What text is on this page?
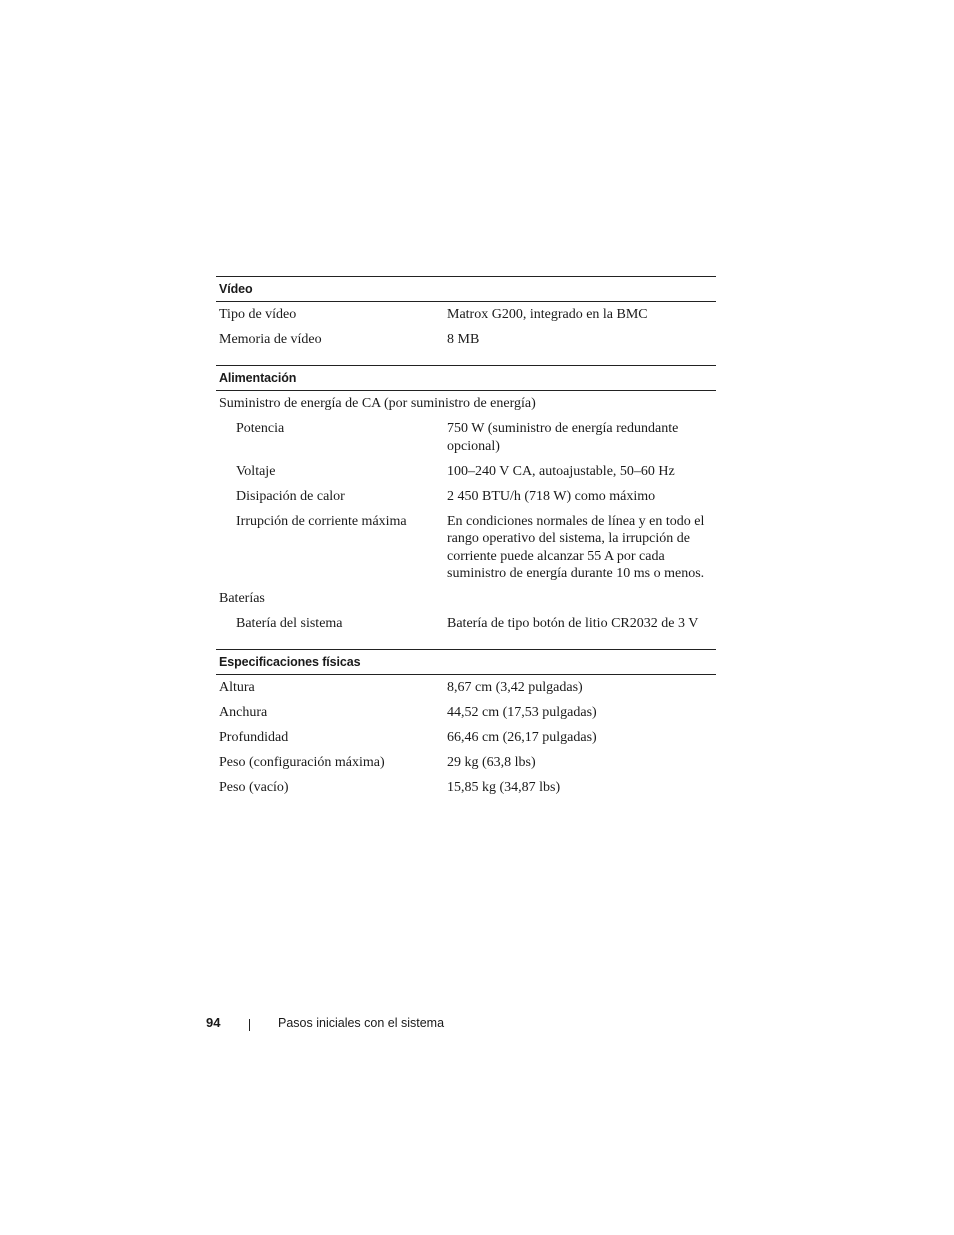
Vídeo
Tipo de vídeo	Matrox G200, integrado en la BMC
Memoria de vídeo	8 MB
Alimentación
Suministro de energía de CA (por suministro de energía)
Potencia	750 W (suministro de energía redundante opcional)
Voltaje	100–240 V CA, autoajustable, 50–60 Hz
Disipación de calor	2 450 BTU/h (718 W) como máximo
Irrupción de corriente máxima	En condiciones normales de línea y en todo el rango operativo del sistema, la irrupción de corriente puede alcanzar 55 A por cada suministro de energía durante 10 ms o menos.
Baterías
Batería del sistema	Batería de tipo botón de litio CR2032 de 3 V
Especificaciones físicas
Altura	8,67 cm (3,42 pulgadas)
Anchura	44,52 cm (17,53 pulgadas)
Profundidad	66,46 cm (26,17 pulgadas)
Peso (configuración máxima)	29 kg (63,8 lbs)
Peso (vacío)	15,85 kg (34,87 lbs)
94	Pasos iniciales con el sistema
